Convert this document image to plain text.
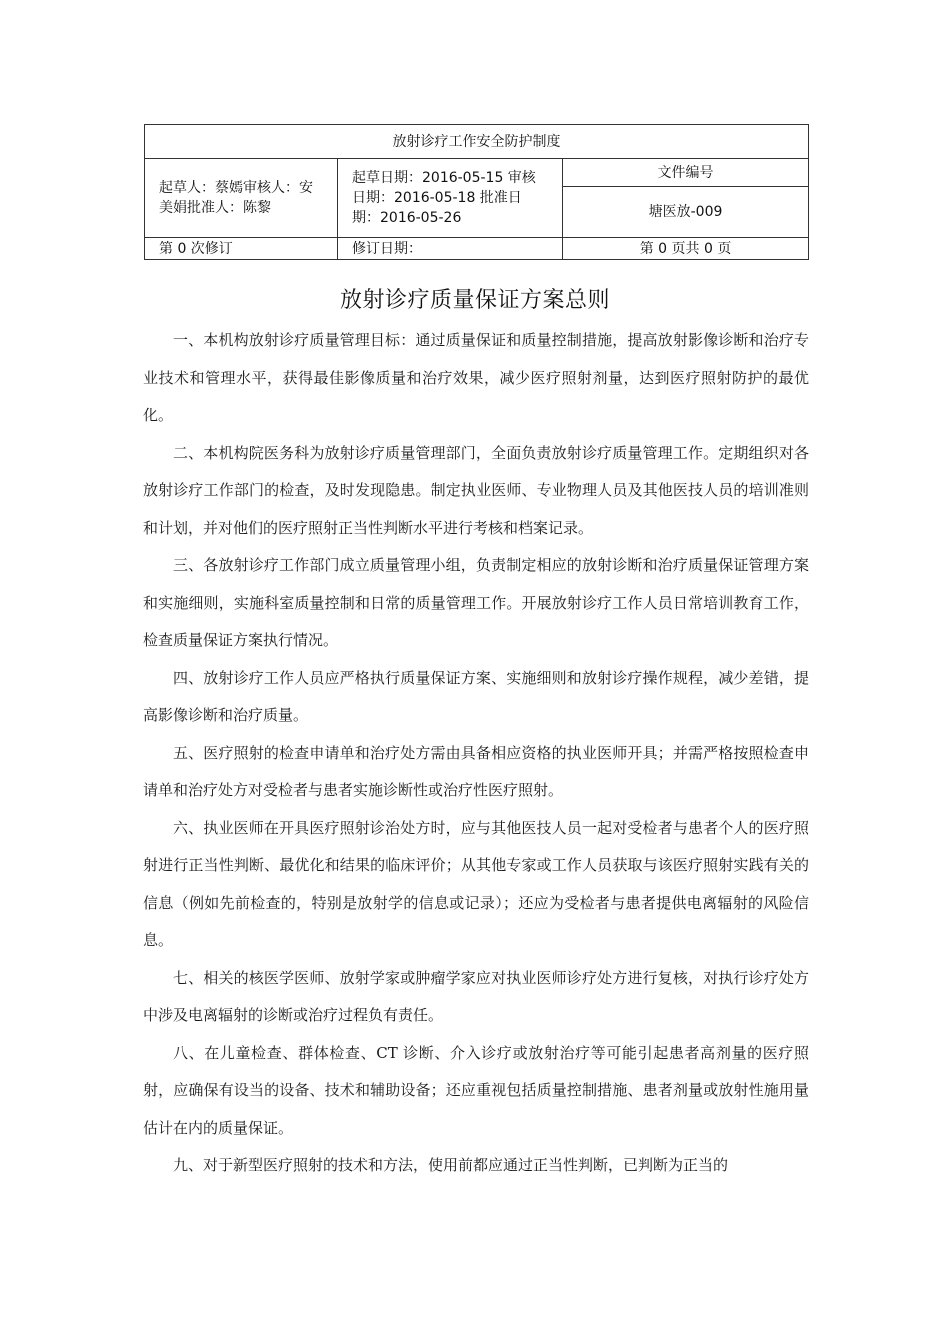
放射诊疗工作安全防护制度		
起草人：蔡嫣审核人：安美娟批准人：陈黎	起草日期：2016-05-15 审核日期：2016-05-18 批准日期：2016-05-26	文件编号
		塘医放-009
第 0 次修订	修订日期：	第 0 页共 0 页
放射诊疗质量保证方案总则

一、本机构放射诊疗质量管理目标：通过质量保证和质量控制措施，提高放射影像诊断和治疗专业技术和管理水平，获得最佳影像质量和治疗效果，减少医疗照射剂量，达到医疗照射防护的最优化。

二、本机构院医务科为放射诊疗质量管理部门，全面负责放射诊疗质量管理工作。定期组织对各放射诊疗工作部门的检查，及时发现隐患。制定执业医师、专业物理人员及其他医技人员的培训准则和计划，并对他们的医疗照射正当性判断水平进行考核和档案记录。

三、各放射诊疗工作部门成立质量管理小组，负责制定相应的放射诊断和治疗质量保证管理方案和实施细则，实施科室质量控制和日常的质量管理工作。开展放射诊疗工作人员日常培训教育工作，检查质量保证方案执行情况。

四、放射诊疗工作人员应严格执行质量保证方案、实施细则和放射诊疗操作规程，减少差错，提高影像诊断和治疗质量。

五、医疗照射的检查申请单和治疗处方需由具备相应资格的执业医师开具；并需严格按照检查申请单和治疗处方对受检者与患者实施诊断性或治疗性医疗照射。

六、执业医师在开具医疗照射诊治处方时，应与其他医技人员一起对受检者与患者个人的医疗照射进行正当性判断、最优化和结果的临床评价；从其他专家或工作人员获取与该医疗照射实践有关的信息（例如先前检查的，特别是放射学的信息或记录）；还应为受检者与患者提供电离辐射的风险信息。

七、相关的核医学医师、放射学家或肿瘤学家应对执业医师诊疗处方进行复核，对执行诊疗处方中涉及电离辐射的诊断或治疗过程负有责任。

八、在儿童检查、群体检查、CT 诊断、介入诊疗或放射治疗等可能引起患者高剂量的医疗照射，应确保有设当的设备、技术和辅助设备；还应重视包括质量控制措施、患者剂量或放射性施用量估计在内的质量保证。

九、对于新型医疗照射的技术和方法，使用前都应通过正当性判断，已判断为正当的
